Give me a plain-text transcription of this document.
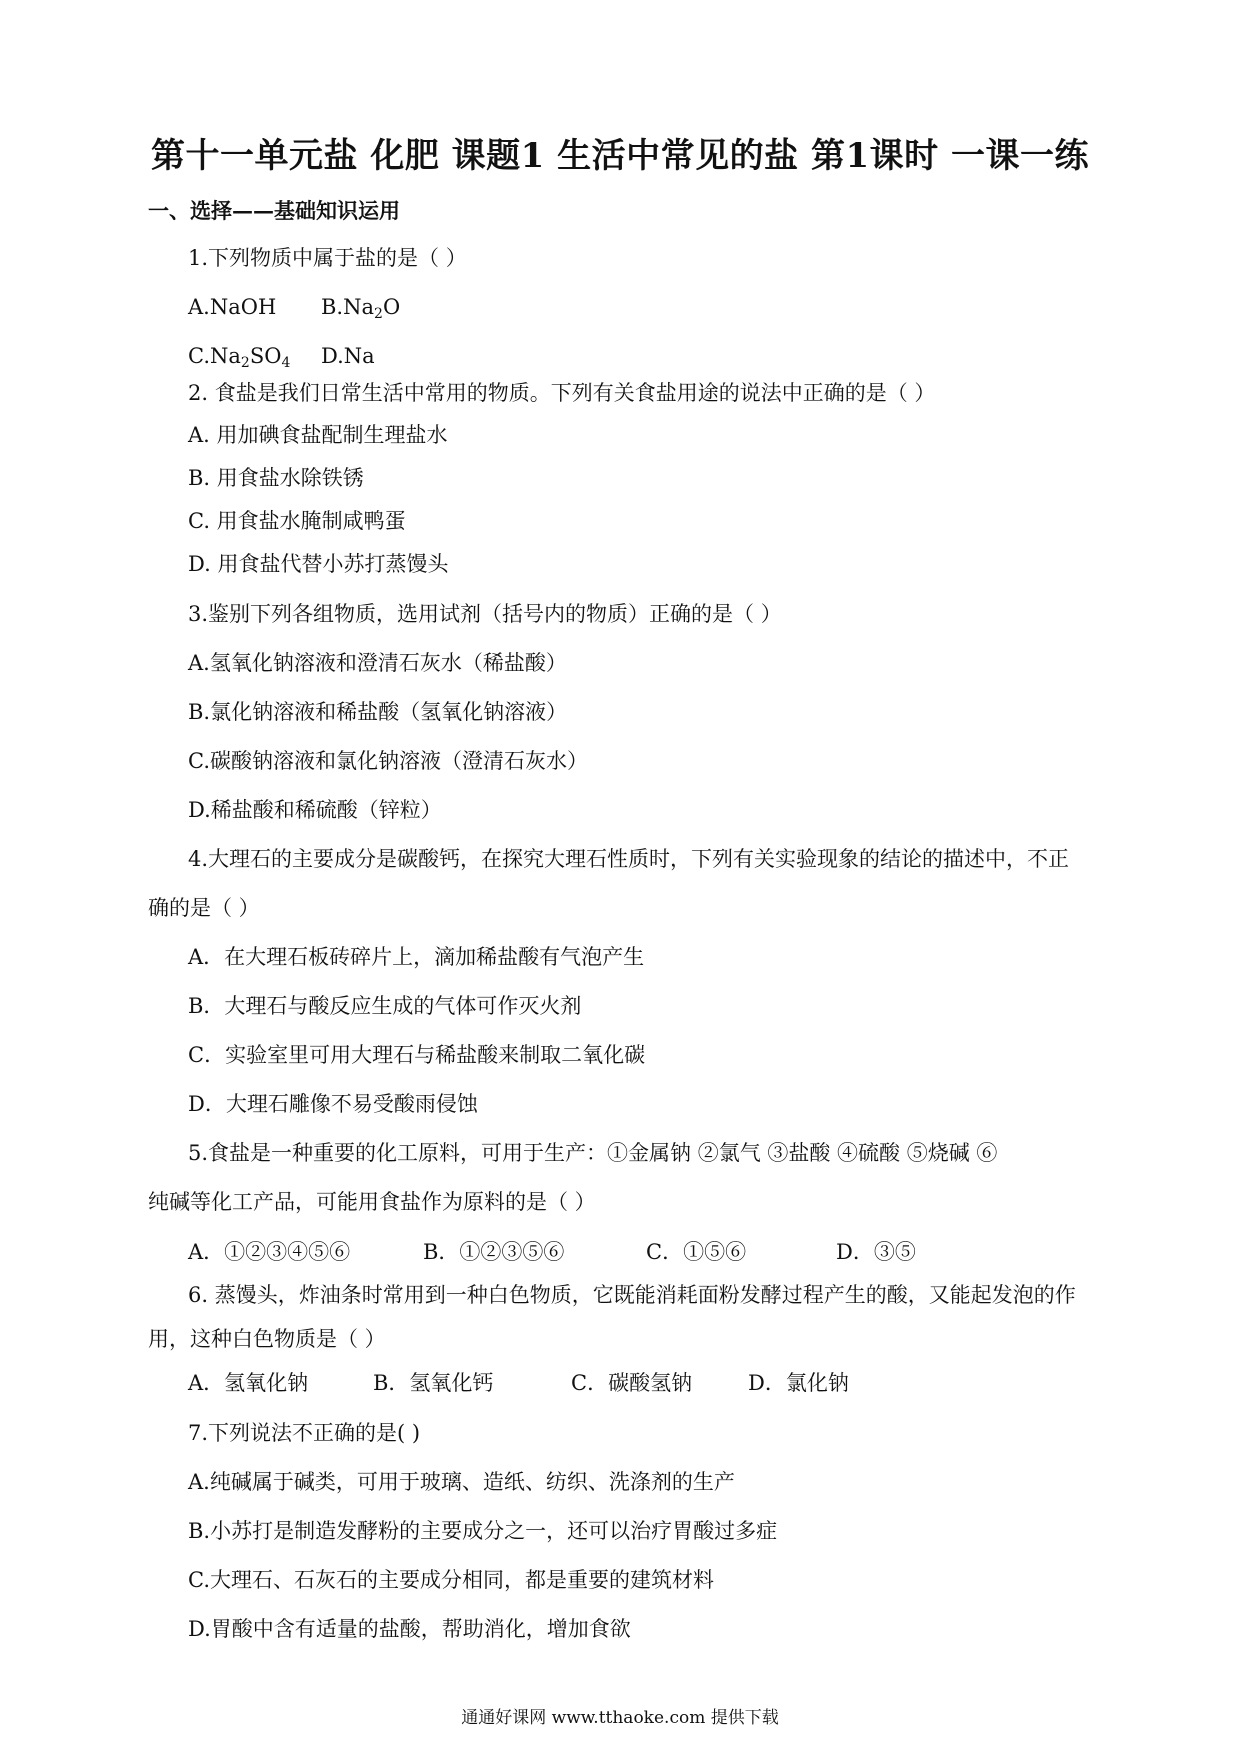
第十一单元盐 化肥 课题1 生活中常见的盐 第1课时 一课一练
一、选择——基础知识运用
1.下列物质中属于盐的是（ ）
A.NaOH $B.Na_2O$
$C.Na_2SO_4$ D.Na
2. 食盐是我们日常生活中常用的物质。下列有关食盐用途的说法中正确的是（ ）
A. 用加碘食盐配制生理盐水
B. 用食盐水除铁锈
C. 用食盐水腌制咸鸭蛋
D. 用食盐代替小苏打蒸馒头
3.鉴别下列各组物质，选用试剂（括号内的物质）正确的是（ ）
A.氢氧化钠溶液和澄清石灰水（稀盐酸）
B.氯化钠溶液和稀盐酸（氢氧化钠溶液）
C.碳酸钠溶液和氯化钠溶液（澄清石灰水）
D.稀盐酸和稀硫酸（锌粒）
4.大理石的主要成分是碳酸钙，在探究大理石性质时，下列有关实验现象的结论的描述中，不正
确的是（ ）
A．在大理石板砖碎片上，滴加稀盐酸有气泡产生
B．大理石与酸反应生成的气体可作灭火剂
C．实验室里可用大理石与稀盐酸来制取二氧化碳
D．大理石雕像不易受酸雨侵蚀
5.食盐是一种重要的化工原料，可用于生产：①金属钠 ②氯气 ③盐酸 ④硫酸 ⑤烧碱 ⑥
纯碱等化工产品，可能用食盐作为原料的是（ ）
A．①②③④⑤⑥	B．①②③⑤⑥	C．①⑤⑥	D．③⑤
6. 蒸馒头，炸油条时常用到一种白色物质，它既能消耗面粉发酵过程产生的酸，又能起发泡的作
用，这种白色物质是（ ）
A．氢氧化钠	B．氢氧化钙	C．碳酸氢钠	D．氯化钠
7.下列说法不正确的是( )
A.纯碱属于碱类，可用于玻璃、造纸、纺织、洗涤剂的生产
B.小苏打是制造发酵粉的主要成分之一，还可以治疗胃酸过多症
C.大理石、石灰石的主要成分相同，都是重要的建筑材料
D.胃酸中含有适量的盐酸，帮助消化，增加食欲
通通好课网 www.tthaoke.com 提供下载
